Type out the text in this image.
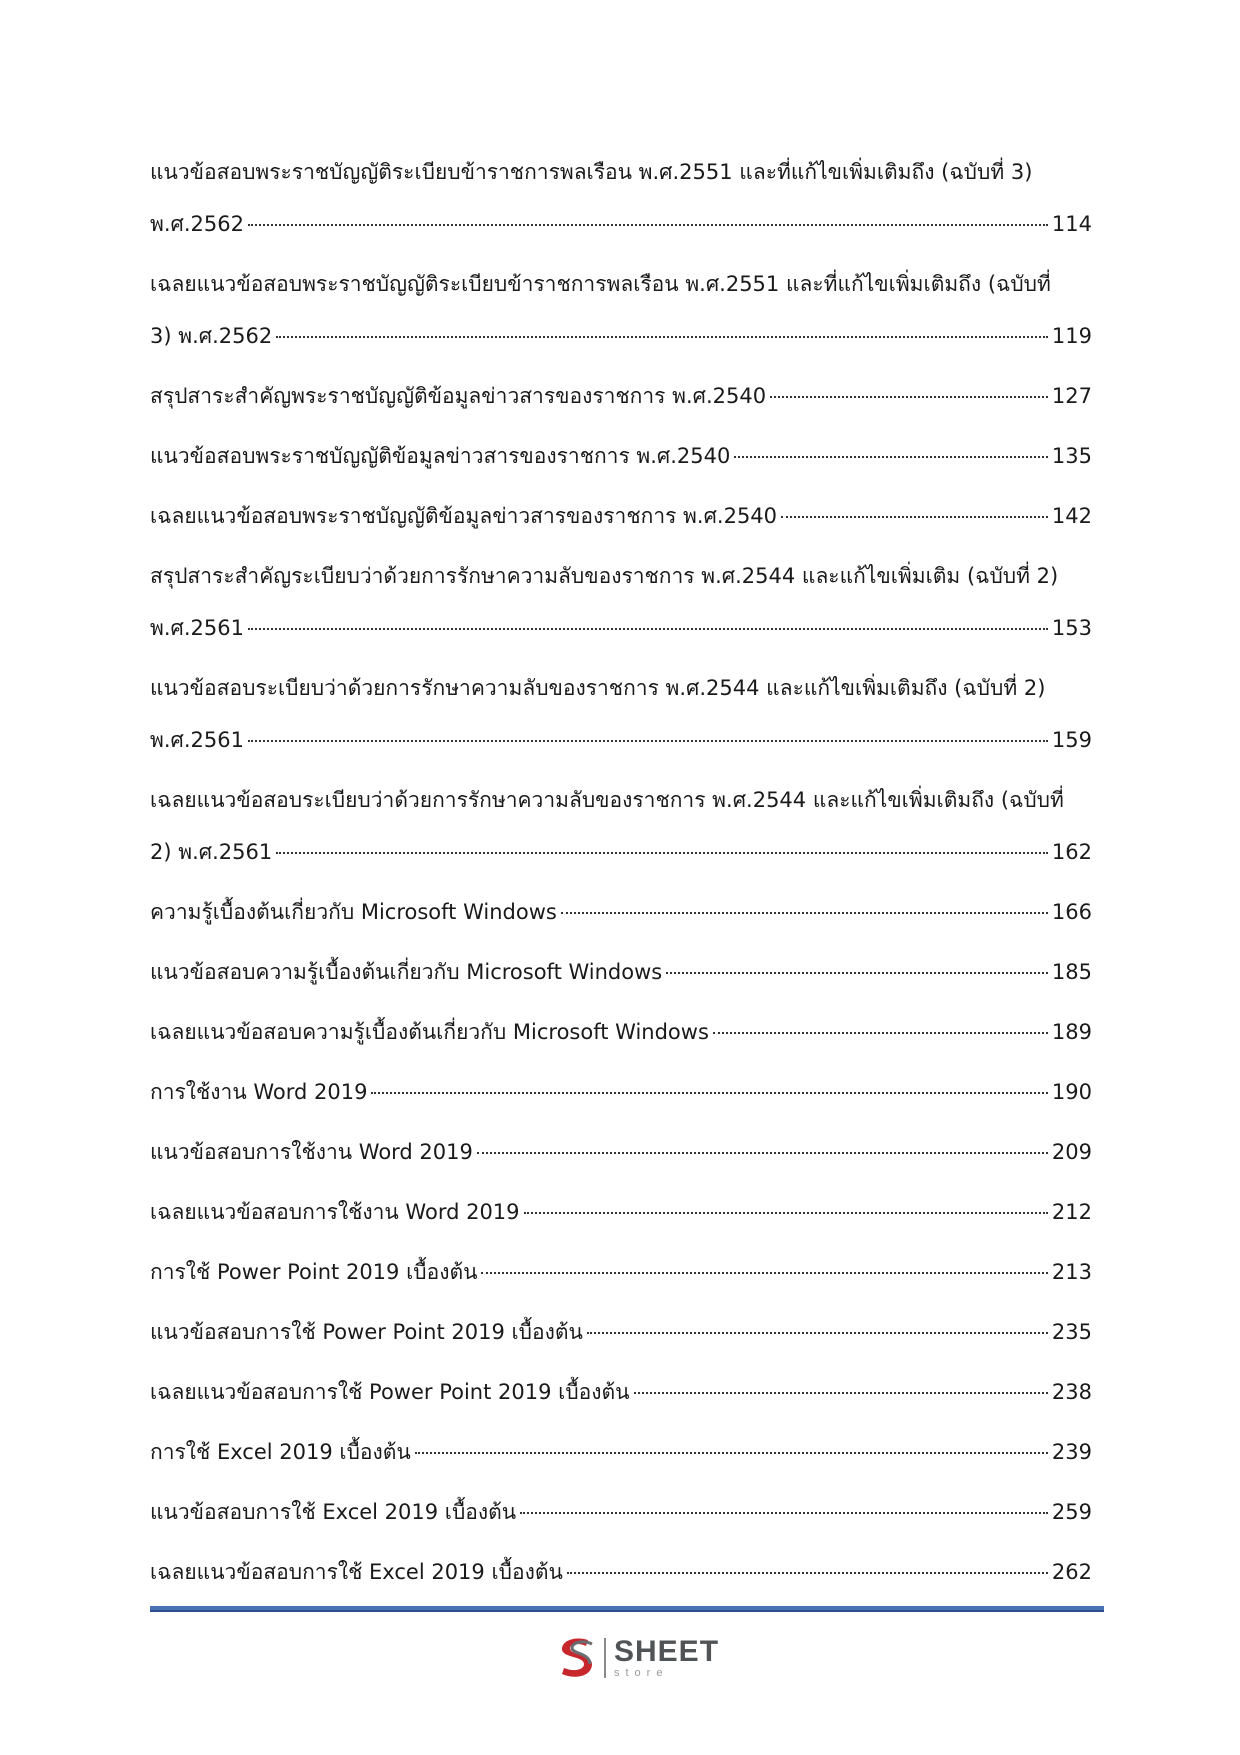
แนวข้อสอบพระราชบัญญัติระเบียบข้าราชการพลเรือน พ.ศ.2551 และที่แก้ไขเพิ่มเติมถึง (ฉบับที่ 3)
พ.ศ.2562	114
เฉลยแนวข้อสอบพระราชบัญญัติระเบียบข้าราชการพลเรือน พ.ศ.2551 และที่แก้ไขเพิ่มเติมถึง (ฉบับที่
3) พ.ศ.2562	119
สรุปสาระสำคัญพระราชบัญญัติข้อมูลข่าวสารของราชการ พ.ศ.2540	127
แนวข้อสอบพระราชบัญญัติข้อมูลข่าวสารของราชการ พ.ศ.2540	135
เฉลยแนวข้อสอบพระราชบัญญัติข้อมูลข่าวสารของราชการ พ.ศ.2540	142
สรุปสาระสำคัญระเบียบว่าด้วยการรักษาความลับของราชการ พ.ศ.2544 และแก้ไขเพิ่มเติม (ฉบับที่ 2)
พ.ศ.2561	153
แนวข้อสอบระเบียบว่าด้วยการรักษาความลับของราชการ พ.ศ.2544 และแก้ไขเพิ่มเติมถึง (ฉบับที่ 2)
พ.ศ.2561	159
เฉลยแนวข้อสอบระเบียบว่าด้วยการรักษาความลับของราชการ พ.ศ.2544 และแก้ไขเพิ่มเติมถึง (ฉบับที่
2) พ.ศ.2561	162
ความรู้เบื้องต้นเกี่ยวกับ Microsoft Windows	166
แนวข้อสอบความรู้เบื้องต้นเกี่ยวกับ Microsoft Windows	185
เฉลยแนวข้อสอบความรู้เบื้องต้นเกี่ยวกับ Microsoft Windows	189
การใช้งาน Word 2019	190
แนวข้อสอบการใช้งาน Word 2019	209
เฉลยแนวข้อสอบการใช้งาน Word 2019	212
การใช้ Power Point 2019 เบื้องต้น	213
แนวข้อสอบการใช้ Power Point 2019 เบื้องต้น	235
เฉลยแนวข้อสอบการใช้ Power Point 2019 เบื้องต้น	238
การใช้ Excel 2019 เบื้องต้น	239
แนวข้อสอบการใช้ Excel 2019 เบื้องต้น	259
เฉลยแนวข้อสอบการใช้ Excel 2019 เบื้องต้น	262
SHEET
store
